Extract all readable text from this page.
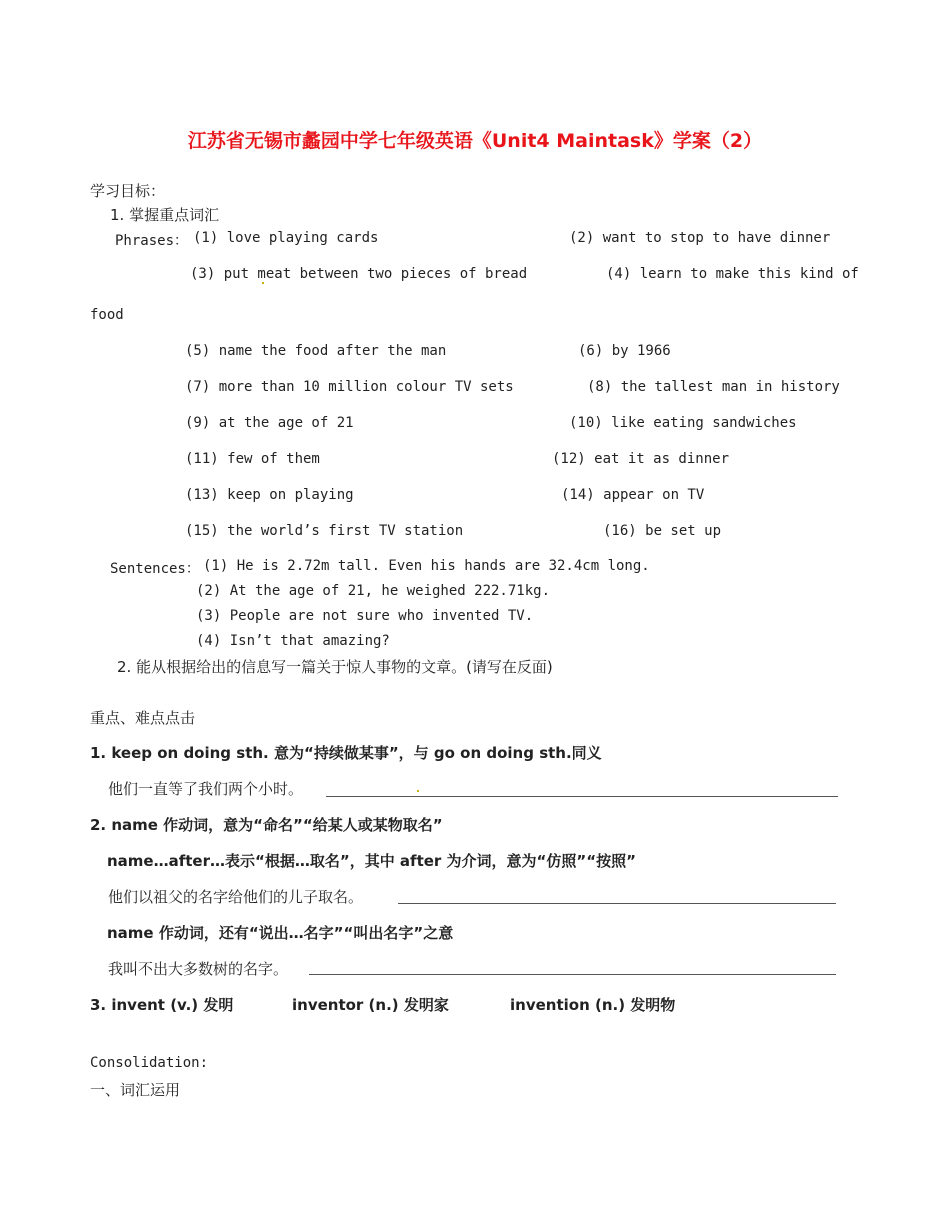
江苏省无锡市蠡园中学七年级英语《Unit4 Maintask》学案（2）
学习目标：
1. 掌握重点词汇
Phrases： (1) love playing cards	(2) want to stop to have dinner
(3) put meat between two pieces of bread	(4) learn to make this kind of
food
(5) name the food after the man	(6) by 1966
(7) more than 10 million colour TV sets	(8) the tallest man in history
(9) at the age of 21	(10) like eating sandwiches
(11) few of them	(12) eat it as dinner
(13) keep on playing	(14) appear on TV
(15) the world’s first TV station	(16) be set up
Sentences： (1) He is 2.72m tall. Even his hands are 32.4cm long.
(2) At the age of 21, he weighed 222.71kg.
(3) People are not sure who invented TV.
(4) Isn’t that amazing?
2. 能从根据给出的信息写一篇关于惊人事物的文章。(请写在反面)
重点、难点点击
1. keep on doing sth. 意为“持续做某事”，与 go on doing sth.同义
他们一直等了我们两个小时。
2. name 作动词，意为“命名”“给某人或某物取名”
name…after…表示“根据…取名”，其中 after 为介词，意为“仿照”“按照”
他们以祖父的名字给他们的儿子取名。
name 作动词，还有“说出…名字”“叫出名字”之意
我叫不出大多数树的名字。
3. invent (v.) 发明	inventor (n.) 发明家	invention (n.) 发明物
Consolidation:
一、词汇运用
